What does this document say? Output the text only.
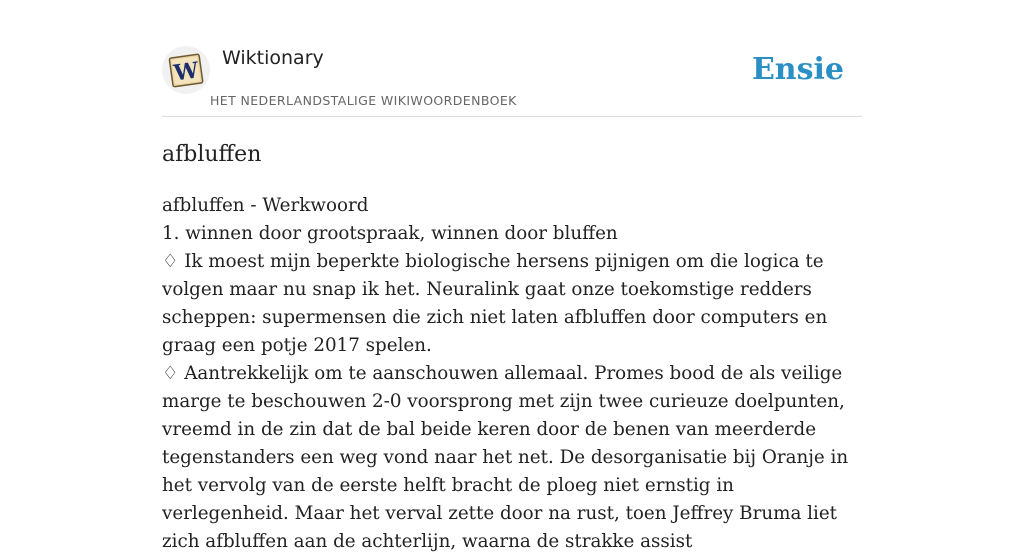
W Wiktionary
HET NEDERLANDSTALIGE WIKIWOORDENBOEK
Ensie
afbluffen

afbluffen - Werkwoord

1. winnen door grootspraak, winnen door bluffen

♢ Ik moest mijn beperkte biologische hersens pijnigen om die logica te volgen maar nu snap ik het. Neuralink gaat onze toekomstige redders scheppen: supermensen die zich niet laten afbluffen door computers en graag een potje 2017 spelen.

♢ Aantrekkelijk om te aanschouwen allemaal. Promes bood de als veilige marge te beschouwen 2-0 voorsprong met zijn twee curieuze doelpunten, vreemd in de zin dat de bal beide keren door de benen van meerderde tegenstanders een weg vond naar het net. De desorganisatie bij Oranje in het vervolg van de eerste helft bracht de ploeg niet ernstig in verlegenheid. Maar het verval zette door na rust, toen Jeffrey Bruma liet zich afbluffen aan de achterlijn, waarna de strakke assist
